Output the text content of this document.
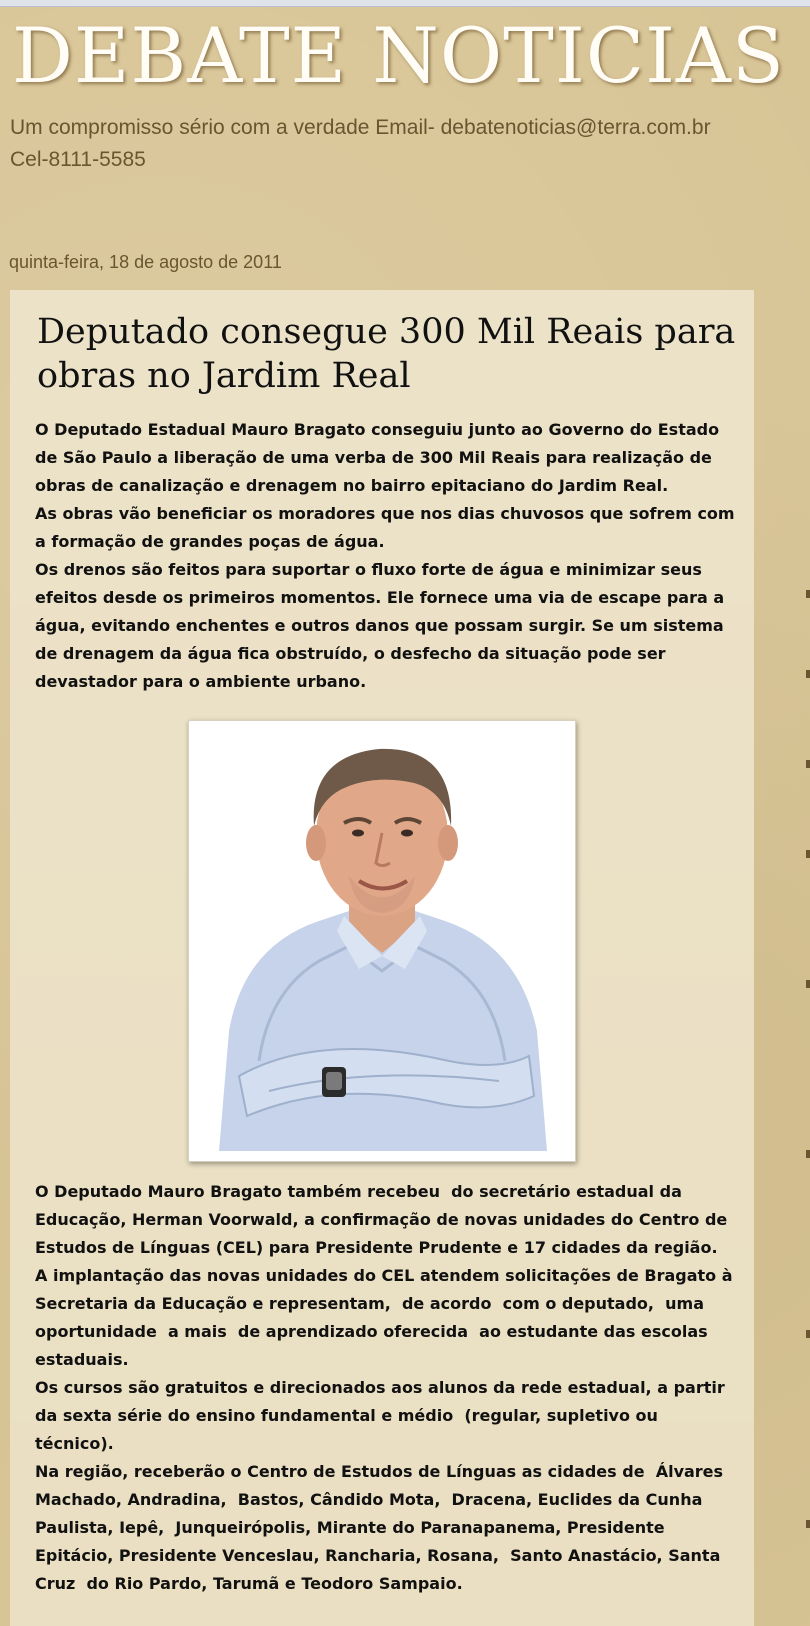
DEBATE NOTICIAS
Um compromisso sério com a verdade Email- debatenoticias@terra.com.br
Cel-8111-5585
quinta-feira, 18 de agosto de 2011
Deputado consegue 300 Mil Reais para obras no Jardim Real

O Deputado Estadual Mauro Bragato conseguiu junto ao Governo do Estado de São Paulo a liberação de uma verba de 300 Mil Reais para realização de obras de canalização e drenagem no bairro epitaciano do Jardim Real.

As obras vão beneficiar os moradores que nos dias chuvosos que sofrem com a formação de grandes poças de água.

Os drenos são feitos para suportar o fluxo forte de água e minimizar seus efeitos desde os primeiros momentos. Ele fornece uma via de escape para a água, evitando enchentes e outros danos que possam surgir. Se um sistema de drenagem da água fica obstruído, o desfecho da situação pode ser devastador para o ambiente urbano.

O Deputado Mauro Bragato também recebeu  do secretário estadual da Educação, Herman Voorwald, a confirmação de novas unidades do Centro de Estudos de Línguas (CEL) para Presidente Prudente e 17 cidades da região.

A implantação das novas unidades do CEL atendem solicitações de Bragato à Secretaria da Educação e representam,  de acordo  com o deputado,  uma oportunidade  a mais  de aprendizado oferecida  ao estudante das escolas estaduais.

Os cursos são gratuitos e direcionados aos alunos da rede estadual, a partir da sexta série do ensino fundamental e médio  (regular, supletivo ou técnico).

Na região, receberão o Centro de Estudos de Línguas as cidades de  Álvares Machado, Andradina,  Bastos, Cândido Mota,  Dracena, Euclides da Cunha Paulista, Iepê,  Junqueirópolis, Mirante do Paranapanema, Presidente Epitácio, Presidente Venceslau, Rancharia, Rosana,  Santo Anastácio, Santa  Cruz  do Rio Pardo, Tarumã e Teodoro Sampaio.
